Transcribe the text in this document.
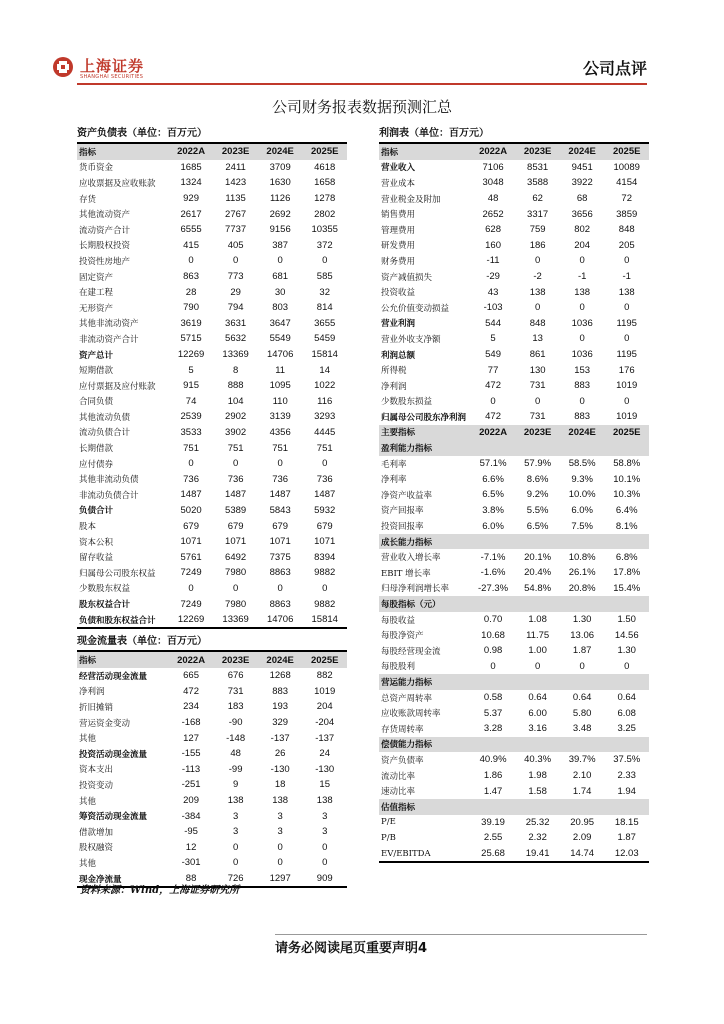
上海证券
SHANGHAI SECURITIES	公司点评
公司财务报表数据预测汇总
资产负债表（单位：百万元）
指标	2022A	2023E	2024E	2025E
货币资金	1685	2411	3709	4618
应收票据及应收账款	1324	1423	1630	1658
存货	929	1135	1126	1278
其他流动资产	2617	2767	2692	2802
流动资产合计	6555	7737	9156	10355
长期股权投资	415	405	387	372
投资性房地产	0	0	0	0
固定资产	863	773	681	585
在建工程	28	29	30	32
无形资产	790	794	803	814
其他非流动资产	3619	3631	3647	3655
非流动资产合计	5715	5632	5549	5459
资产总计	12269	13369	14706	15814
短期借款	5	8	11	14
应付票据及应付账款	915	888	1095	1022
合同负债	74	104	110	116
其他流动负债	2539	2902	3139	3293
流动负债合计	3533	3902	4356	4445
长期借款	751	751	751	751
应付债券	0	0	0	0
其他非流动负债	736	736	736	736
非流动负债合计	1487	1487	1487	1487
负债合计	5020	5389	5843	5932
股本	679	679	679	679
资本公积	1071	1071	1071	1071
留存收益	5761	6492	7375	8394
归属母公司股东权益	7249	7980	8863	9882
少数股东权益	0	0	0	0
股东权益合计	7249	7980	8863	9882
负债和股东权益合计	12269	13369	14706	15814
现金流量表（单位：百万元）
指标	2022A	2023E	2024E	2025E
经营活动现金流量	665	676	1268	882
净利润	472	731	883	1019
折旧摊销	234	183	193	204
营运资金变动	-168	-90	329	-204
其他	127	-148	-137	-137
投资活动现金流量	-155	48	26	24
资本支出	-113	-99	-130	-130
投资变动	-251	9	18	15
其他	209	138	138	138
筹资活动现金流量	-384	3	3	3
借款增加	-95	3	3	3
股权融资	12	0	0	0
其他	-301	0	0	0
现金净流量	88	726	1297	909
利润表（单位：百万元）
指标	2022A	2023E	2024E	2025E
营业收入	7106	8531	9451	10089
营业成本	3048	3588	3922	4154
营业税金及附加	48	62	68	72
销售费用	2652	3317	3656	3859
管理费用	628	759	802	848
研发费用	160	186	204	205
财务费用	-11	0	0	0
资产减值损失	-29	-2	-1	-1
投资收益	43	138	138	138
公允价值变动损益	-103	0	0	0
营业利润	544	848	1036	1195
营业外收支净额	5	13	0	0
利润总额	549	861	1036	1195
所得税	77	130	153	176
净利润	472	731	883	1019
少数股东损益	0	0	0	0
归属母公司股东净利润	472	731	883	1019
主要指标	2022A	2023E	2024E	2025E
盈利能力指标				
毛利率	57.1%	57.9%	58.5%	58.8%
净利率	6.6%	8.6%	9.3%	10.1%
净资产收益率	6.5%	9.2%	10.0%	10.3%
资产回报率	3.8%	5.5%	6.0%	6.4%
投资回报率	6.0%	6.5%	7.5%	8.1%
成长能力指标				
营业收入增长率	-7.1%	20.1%	10.8%	6.8%
EBIT 增长率	-1.6%	20.4%	26.1%	17.8%
归母净利润增长率	-27.3%	54.8%	20.8%	15.4%
每股指标（元）				
每股收益	0.70	1.08	1.30	1.50
每股净资产	10.68	11.75	13.06	14.56
每股经营现金流	0.98	1.00	1.87	1.30
每股股利	0	0	0	0
营运能力指标				
总资产周转率	0.58	0.64	0.64	0.64
应收账款周转率	5.37	6.00	5.80	6.08
存货周转率	3.28	3.16	3.48	3.25
偿债能力指标				
资产负债率	40.9%	40.3%	39.7%	37.5%
流动比率	1.86	1.98	2.10	2.33
速动比率	1.47	1.58	1.74	1.94
估值指标				
P/E	39.19	25.32	20.95	18.15
P/B	2.55	2.32	2.09	1.87
EV/EBITDA	25.68	19.41	14.74	12.03
资料来源：Wind，上海证券研究所
请务必阅读尾页重要声明4
